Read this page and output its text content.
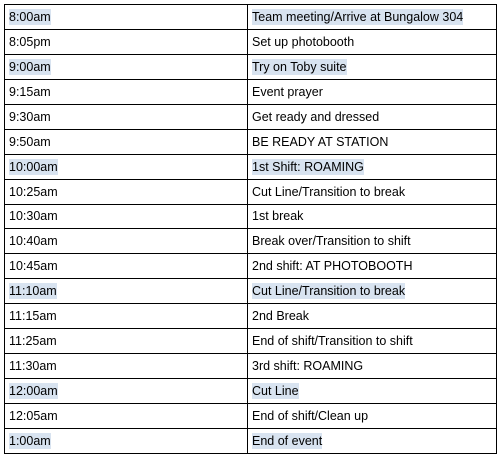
8:00am	Team meeting/Arrive at Bungalow 304
8:05pm	Set up photobooth
9:00am	Try on Toby suite
9:15am	Event prayer
9:30am	Get ready and dressed
9:50am	BE READY AT STATION
10:00am	1st Shift: ROAMING
10:25am	Cut Line/Transition to break
10:30am	1st break
10:40am	Break over/Transition to shift
10:45am	2nd shift: AT PHOTOBOOTH
11:10am	Cut Line/Transition to break
11:15am	2nd Break
11:25am	End of shift/Transition to shift
11:30am	3rd shift: ROAMING
12:00am	Cut Line
12:05am	End of shift/Clean up
1:00am	End of event
